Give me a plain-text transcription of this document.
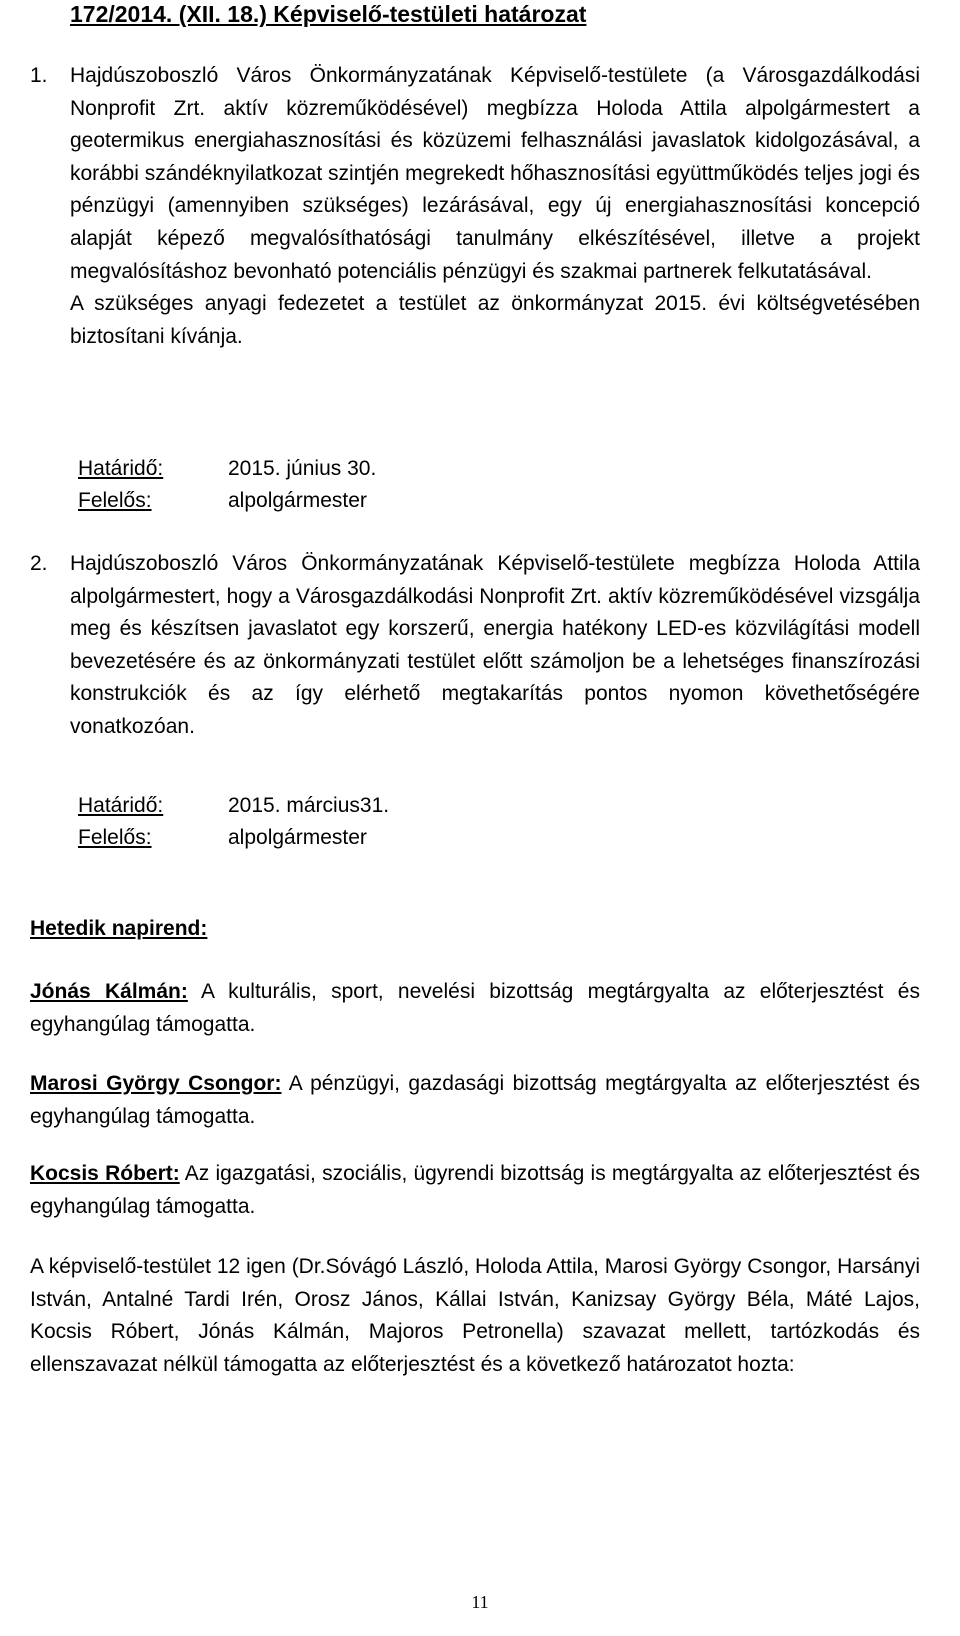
172/2014. (XII. 18.) Képviselő-testületi határozat
1. Hajdúszoboszló Város Önkormányzatának Képviselő-testülete (a Városgazdálkodási Nonprofit Zrt. aktív közreműködésével) megbízza Holoda Attila alpolgármestert a geotermikus energiahasznosítási és közüzemi felhasználási javaslatok kidolgozásával, a korábbi szándéknyilatkozat szintjén megrekedt hőhasznosítási együttműködés teljes jogi és pénzügyi (amennyiben szükséges) lezárásával, egy új energiahasznosítási koncepció alapját képező megvalósíthatósági tanulmány elkészítésével, illetve a projekt megvalósításhoz bevonható potenciális pénzügyi és szakmai partnerek felkutatásával.

A szükséges anyagi fedezetet a testület az önkormányzat 2015. évi költségvetésében biztosítani kívánja.

Határidő:	2015. június 30.
Felelős:	alpolgármester
2. Hajdúszoboszló Város Önkormányzatának Képviselő-testülete megbízza Holoda Attila alpolgármestert, hogy a Városgazdálkodási Nonprofit Zrt. aktív közreműködésével vizsgálja meg és készítsen javaslatot egy korszerű, energia hatékony LED-es közvilágítási modell bevezetésére és az önkormányzati testület előtt számoljon be a lehetséges finanszírozási konstrukciók és az így elérhető megtakarítás pontos nyomon követhetőségére vonatkozóan.

Határidő:	2015. március31.
Felelős:	alpolgármester
Hetedik napirend:

Jónás Kálmán: A kulturális, sport, nevelési bizottság megtárgyalta az előterjesztést és egyhangúlag támogatta.

Marosi György Csongor: A pénzügyi, gazdasági bizottság megtárgyalta az előterjesztést és egyhangúlag támogatta.

Kocsis Róbert: Az igazgatási, szociális, ügyrendi bizottság is megtárgyalta az előterjesztést és egyhangúlag támogatta.

A képviselő-testület 12 igen (Dr.Sóvágó László, Holoda Attila, Marosi György Csongor, Harsányi István, Antalné Tardi Irén, Orosz János, Kállai István, Kanizsay György Béla, Máté Lajos, Kocsis Róbert, Jónás Kálmán, Majoros Petronella) szavazat mellett, tartózkodás és ellenszavazat nélkül támogatta az előterjesztést és a következő határozatot hozta:

11
